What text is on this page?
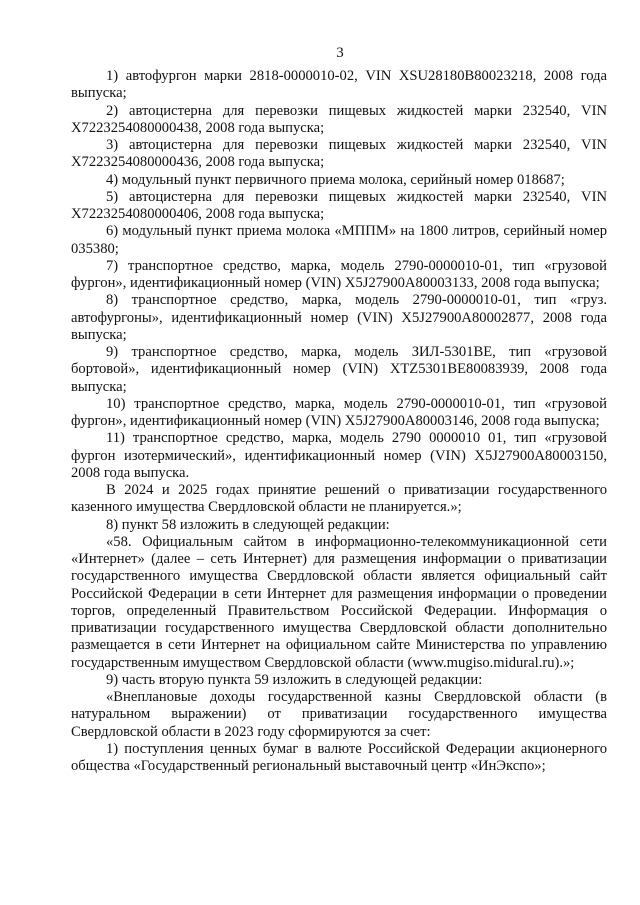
3

1) автофургон марки 2818-0000010-02, VIN XSU28180B80023218, 2008 года выпуска;

2) автоцистерна для перевозки пищевых жидкостей марки 232540, VIN X7223254080000438, 2008 года выпуска;

3) автоцистерна для перевозки пищевых жидкостей марки 232540, VIN X7223254080000436, 2008 года выпуска;

4) модульный пункт первичного приема молока, серийный номер 018687;

5) автоцистерна для перевозки пищевых жидкостей марки 232540, VIN X7223254080000406, 2008 года выпуска;

6) модульный пункт приема молока «МППМ» на 1800 литров, серийный номер 035380;

7) транспортное средство, марка, модель 2790-0000010-01, тип «грузовой фургон», идентификационный номер (VIN) X5J27900A80003133, 2008 года выпуска;

8) транспортное средство, марка, модель 2790-0000010-01, тип «груз. автофургоны», идентификационный номер (VIN) X5J27900A80002877, 2008 года выпуска;

9) транспортное средство, марка, модель ЗИЛ-5301ВЕ, тип «грузовой бортовой», идентификационный номер (VIN) XTZ5301BE80083939, 2008 года выпуска;

10) транспортное средство, марка, модель 2790-0000010-01, тип «грузовой фургон», идентификационный номер (VIN) X5J27900A80003146, 2008 года выпуска;

11) транспортное средство, марка, модель 2790 0000010 01, тип «грузовой фургон изотермический», идентификационный номер (VIN) X5J27900A80003150, 2008 года выпуска.

В 2024 и 2025 годах принятие решений о приватизации государственного казенного имущества Свердловской области не планируется.»;

8) пункт 58 изложить в следующей редакции:

«58. Официальным сайтом в информационно-телекоммуникационной сети «Интернет» (далее – сеть Интернет) для размещения информации о приватизации государственного имущества Свердловской области является официальный сайт Российской Федерации в сети Интернет для размещения информации о проведении торгов, определенный Правительством Российской Федерации. Информация о приватизации государственного имущества Свердловской области дополнительно размещается в сети Интернет на официальном сайте Министерства по управлению государственным имуществом Свердловской области (www.mugiso.midural.ru).»;

9) часть вторую пункта 59 изложить в следующей редакции:

«Внеплановые доходы государственной казны Свердловской области (в натуральном выражении) от приватизации государственного имущества Свердловской области в 2023 году сформируются за счет:

1) поступления ценных бумаг в валюте Российской Федерации акционерного общества «Государственный региональный выставочный центр «ИнЭкспо»;
